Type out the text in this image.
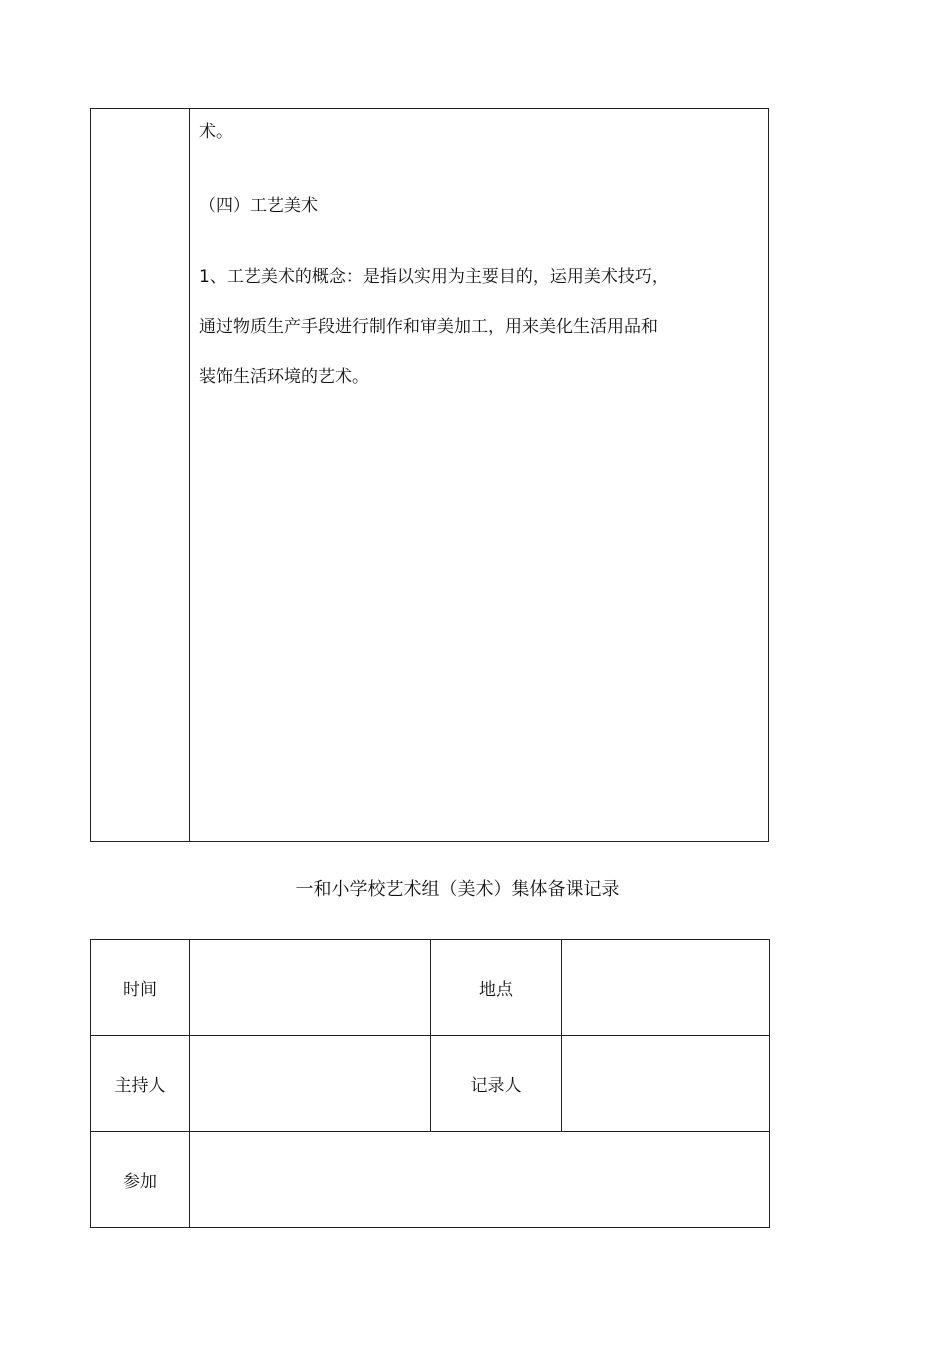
术。

（四）工艺美术

1、工艺美术的概念：是指以实用为主要目的，运用美术技巧，

通过物质生产手段进行制作和审美加工，用来美化生活用品和

装饰生活环境的艺术。

一和小学校艺术组（美术）集体备课记录
时间		地点	
主持人		记录人	
参加			
